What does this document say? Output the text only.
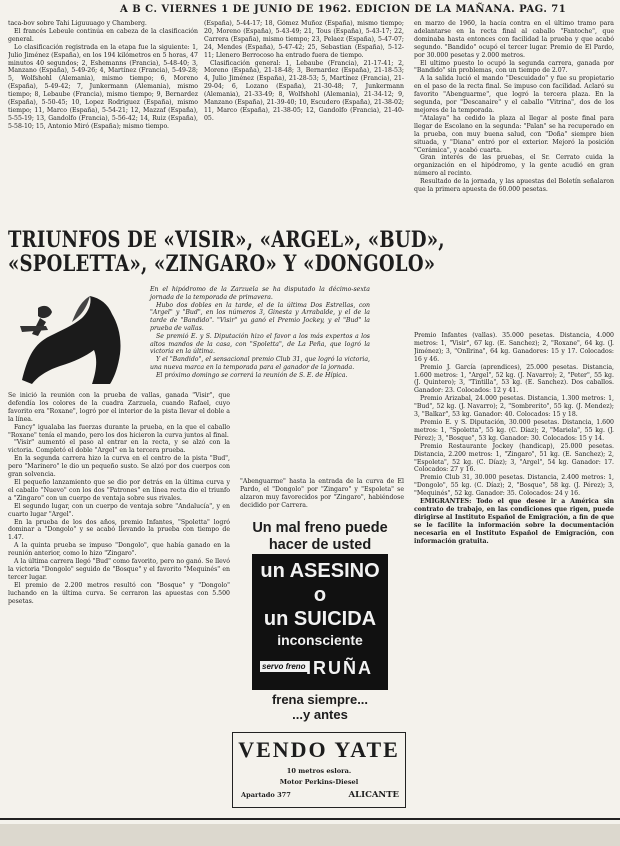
A B C. VIERNES 1 DE JUNIO DE 1962. EDICION DE LA MAÑANA. PAG. 71

taca-bov sobre Tahi Liguuuago y Chamberg.

El francés Lebeule continúa en cabeza de la clasificación general.

Lo clasificación registrada en la etapa fue la siguiente: 1, Julio Jiménez (España), en los 194 kilómetros en 5 horas, 47 minutos 40 segundos; 2, Eshemanns (Francia), 5-48-40; 3, Manzano (España), 5-49-26; 4, Martínez (Francia), 5-49-28; 5, Wolfshohl (Alemania), mismo tiempo; 6, Moreno (España), 5-49-42; 7, Junkermann (Alemania), mismo tiempo; 8, Lebaube (Francia), mismo tiempo; 9, Bernardez (España), 5-50-45; 10, Lopez Rodriguez (España), mismo tiempo; 11, Marco (España), 5-54-21; 12, Mazzaf (España), 5-55-19; 13, Gandolfo (Francia), 5-56-42; 14, Ruiz (España), 5-58-10; 15, Antonio Miró (España); mismo tiempo.

(España), 5-44-17; 18, Gómez Muñoz (España), mismo tiempo; 20, Moreno (España), 5-43-49; 21, Tous (España), 5-43-17; 22, Carrera (España), mismo tiempo; 23, Pelaez (España), 5-47-07; 24, Mendes (España), 5-47-42; 25, Sebastian (España), 5-12-11; Llenero Berrocoso ha entrado fuera de tiempo.

Clasificación general: 1, Lebaube (Francia), 21-17-41; 2, Moreno (España), 21-18-48; 3, Bernardez (España), 21-18-53; 4, Julio Jiménez (España), 21-28-53; 5, Martínez (Francia), 21-29-04; 6, Lozano (España), 21-30-48; 7, Junkermann (Alemania), 21-33-49; 8, Wolfshohl (Alemania), 21-34-12; 9, Manzano (España), 21-39-40; 10, Escudero (España), 21-38-02; 11, Marco (España), 21-38-05; 12, Gandolfo (Francia), 21-40-05.

en marzo de 1960, la hacía contra en el último tramo para adelantarse en la recta final al caballo "Fantoche", que dominaba hasta entonces con facilidad la prueba y que acabó segundo. "Bandido" ocupó el tercer lugar. Premio de El Pardo, por 30.000 pesetas y 2.000 metros.

El ultimo puesto lo ocupó la segunda carrera, ganada por "Bandido" sin problemas, con un tiempo de 2.07.

A la salida lució el mando "Descuidado" y fue su propietario en el paso de la recta final. Se impuso con facilidad. Aclaró su favorito "Abenguarme", que logró la tercera plaza. En la segunda, por "Descanaire" y el caballo "Vitrina", dos de los mejores de la temporada.

"Atalaya" ha cedido la plaza al llegar al poste final para llegar de Escolano en la segunda: "Palan" se ha recuperado en la prueba, con muy buena salud, con "Doña" siempre bien situada, y "Diana" entró por el exterior. Mejoró la posición "Cerámica", y acabó cuarta.

Gran interés de las pruebas, el Sr. Cerrato cuida la organización en el hipódromo, y la gente acudió en gran número al recinto.

Resultado de la jornada, y las apuestas del Boletín señalaron que la primera apuesta de 60.000 pesetas.

TRIUNFOS DE «VISIR», «ARGEL», «BUD»,
«SPOLETTA», «ZINGARO» Y «DONGOLO»

En el hipódromo de la Zarzuela se ha disputado la décimo-sexta jornada de la temporada de primavera.

Hubo dos dobles en la tarde, el de la última Dos Estrellas, con "Argel" y "Bud", en los números 3, Ginesta y Arrabalde, y el de la tarde de "Bandido". "Visir" ya ganó el Premio Jockey, y el "Bud" la prueba de vallas.

Se premió E. y S. Diputación hizo el favor a los más expertos a los altos mandos de la casa, con "Spoletta", de La Peña, que logró la victoria en la última.

Y el "Bandido", el sensacional premio Club 31, que logró la victoria, una nueva marca en la temporada para el ganador de la jornada.

El próximo domingo se correrá la reunión de S. E. de Hípica.

Se inició la reunión con la prueba de vallas, ganada "Visir", que defendía los colores de la cuadra Zarzuela, cuando Rafael, cuyo favorito era "Roxane", logró por el interior de la pista llevar el doble a la línea.

Fancy" igualaba las fuerzas durante la prueba, en la que el caballo "Roxane" tenía el mando, pero los dos hicieron la curva juntos al final.

"Visir" aumentó el paso al entrar en la recta, y se alzó con la victoria. Completó el doble "Argel" en la tercera prueba.

En la segunda carrera hizo la curva en el centro de la pista "Bud", pero "Marinero" le dio un pequeño susto. Se alzó por dos cuerpos con gran solvencia.

El pequeño lanzamiento que se dio por detrás en la última curva y el caballo "Nuevo" con los dos "Patrones" en línea recta dio el triunfo a "Zingaro" con un cuerpo de ventaja sobre sus rivales.

El segundo lugar, con un cuerpo de ventaja sobre "Andalucía", y en cuarto lugar "Argel".

En la prueba de los dos años, premio Infantes, "Spoletta" logró dominar a "Dongolo" y se acabó llevando la prueba con tiempo de 1.47.

A la quinta prueba se impuso "Dongolo", que había ganado en la reunión anterior, como lo hizo "Zingaro".

A la última carrera llegó "Bud" como favorito, pero no ganó. Se llevó la victoria "Dongolo" seguido de "Bosque" y el favorito "Mequinés" en tercer lugar.

El premio de 2.200 metros resultó con "Bosque" y "Dongolo" luchando en la última curva. Se cerraron las apuestas con 5.500 pesetas.

"Abenguarme" hasta la entrada de la curva de El Pardo, el "Dongolo" por "Zingaro" y "Espoleta" se alzaron muy favorecidos por "Zingaro", habiéndose decidido por Carrera.

Un mal freno puede
hacer de usted
un ASESINO
o
un SUICIDA
inconsciente
servo freno IRUÑA
frena siempre...
...y antes
VENDO YATE
10 metros eslora.
Motor Perkins-Diesel
Apartado 377	ALICANTE

Premio Infantes (vallas). 35.000 pesetas. Distancia, 4.000 metros: 1, "Visir", 67 kg. (E. Sanchez); 2, "Roxane", 64 kg. (J. Jiménez); 3, "Onllrina", 64 kg. Ganadores: 15 y 17. Colocados: 16 y 46.

Premio J. García (aprendices), 25.000 pesetas. Distancia, 1.600 metros: 1, "Argel", 52 kg. (J. Navarro); 2, "Peter", 55 kg. (J. Quintero); 3, "Tintilla", 53 kg. (E. Sanchez). Dos caballos. Ganador: 23. Colocados: 12 y 41.

Premio Arizabal, 24.000 pesetas. Distancia, 1.300 metros: 1, "Bud", 52 kg. (J. Navarro); 2, "Sombrerito", 55 kg. (J. Mendez); 3, "Balkar", 53 kg. Ganador: 40. Colocados: 15 y 18.

Premio E. y S. Diputación, 30.000 pesetas. Distancia, 1.600 metros: 1, "Spoletta", 55 kg. (C. Díaz); 2, "Mariela", 55 kg. (J. Pérez); 3, "Bosque", 53 kg. Ganador: 30. Colocados: 15 y 14.

Premio Restaurante Jockey (handicap), 25.000 pesetas. Distancia, 2.200 metros: 1, "Zingaro", 51 kg. (E. Sanchez); 2, "Espoleta", 52 kg. (C. Díaz); 3, "Argel", 54 kg. Ganador: 17. Colocados: 27 y 16.

Premio Club 31, 30.000 pesetas. Distancia, 2.400 metros: 1, "Dongolo", 55 kg. (C. Díaz); 2, "Bosque", 58 kg. (J. Pérez); 3, "Mequinés", 52 kg. Ganador: 35. Colocados: 24 y 16.

EMIGRANTES: Todo el que desee ir a América sin contrato de trabajo, en las condiciones que rigen, puede dirigirse al Instituto Español de Emigración, a fin de que se le facilite la información sobre la documentación necesaria en el Instituto Español de Emigración, con información gratuita.
